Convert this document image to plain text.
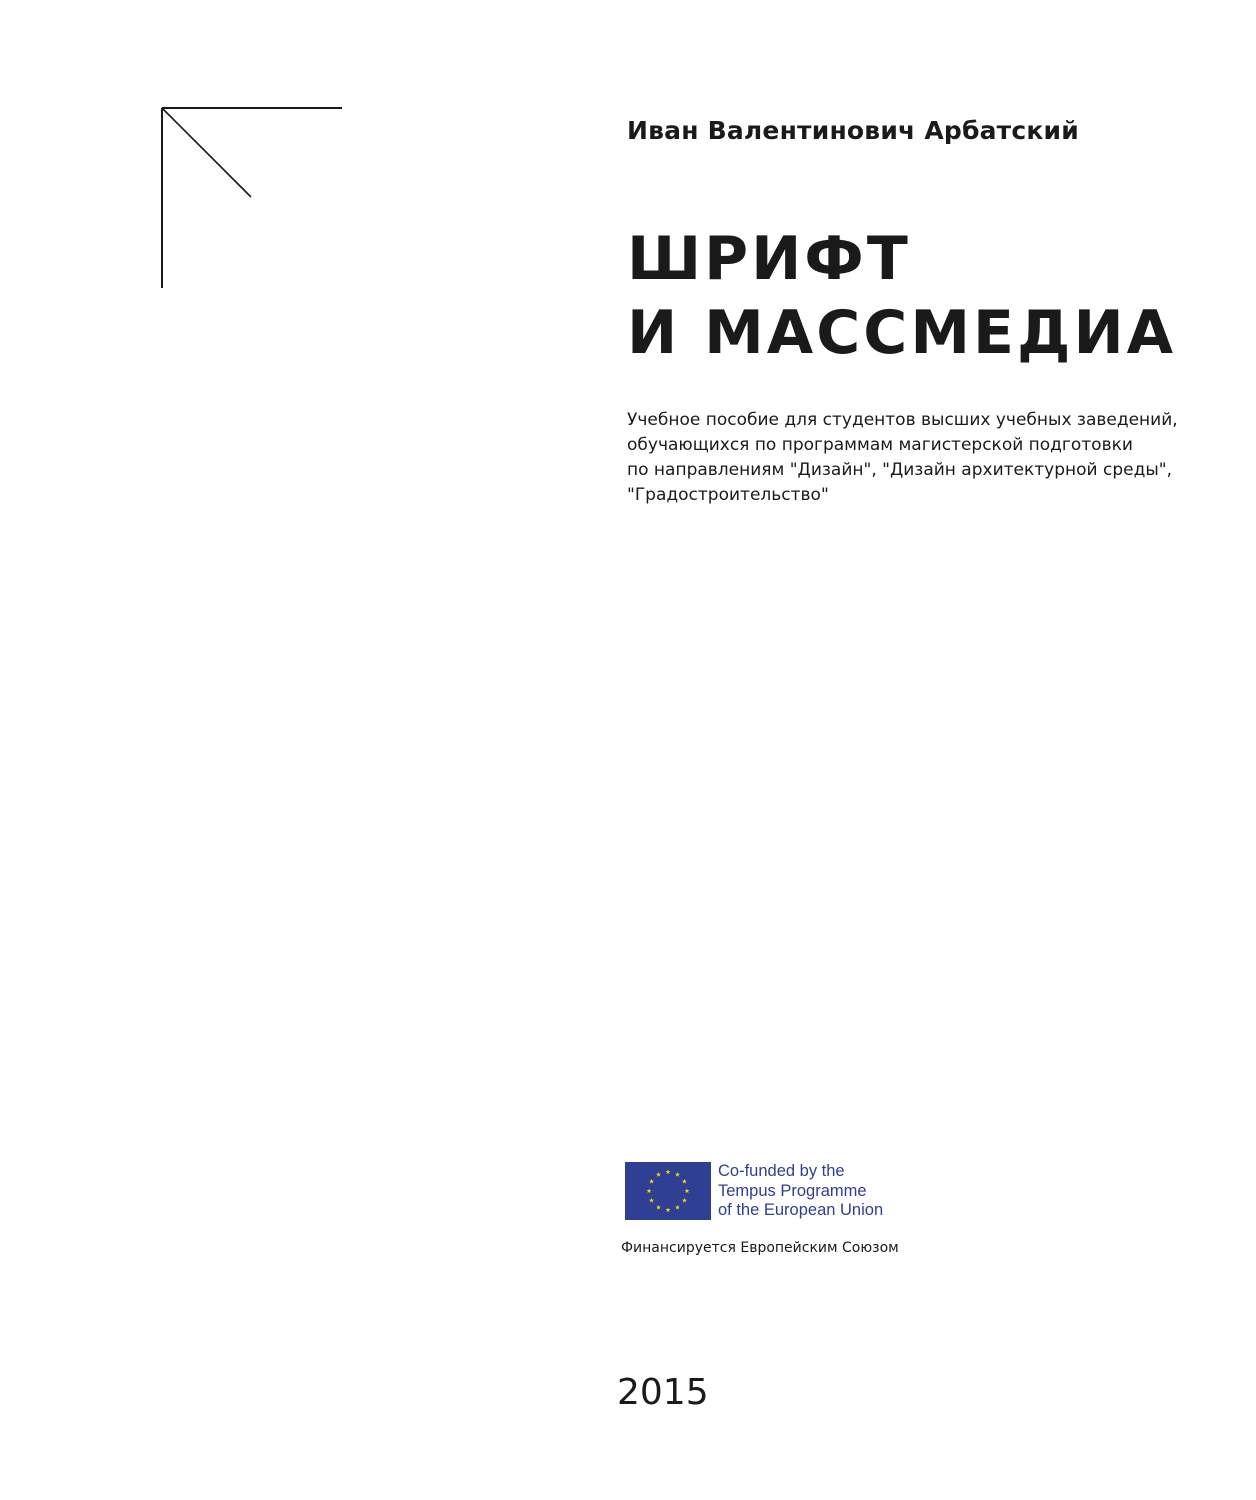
Иван Валентинович Арбатский
ШРИФТ
И МАССМЕДИА
Учебное пособие для студентов высших учебных заведений,
обучающихся по программам магистерской подготовки
по направлениям "Дизайн", "Дизайн архитектурной среды",
"Градостроительство"
Co-funded by the
Tempus Programme
of the European Union
Финансируется Европейским Союзом
2015
